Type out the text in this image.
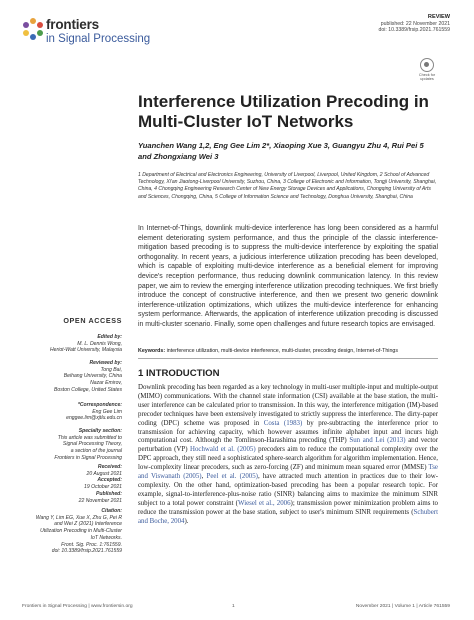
frontiers
in Signal Processing
REVIEW
published: 22 November 2021
doi: 10.3389/frsip.2021.761559
Check for updates
Interference Utilization Precoding in Multi-Cluster IoT Networks
Yuanchen Wang 1,2, Eng Gee Lim 2*, Xiaoping Xue 3, Guangyu Zhu 4, Rui Pei 5 and Zhongxiang Wei 3
1 Department of Electrical and Electronics Engineering, University of Liverpool, Liverpool, United Kingdom, 2 School of Advanced Technology, Xi'an Jiaotong-Liverpool University, Suzhou, China, 3 College of Electronic and Information, Tongji University, Shanghai, China, 4 Chongqing Engineering Research Center of New Energy Storage Devices and Applications, Chongqing University of Arts and Sciences, Chongqing, China, 5 College of Information Science and Technology, Donghua University, Shanghai, China

In Internet-of-Things, downlink multi-device interference has long been considered as a harmful element deteriorating system performance, and thus the principle of the classic interference-mitigation based precoding is to suppress the multi-device interference by exploiting the spatial orthogonality. In recent years, a judicious interference utilization precoding has been developed, which is capable of exploiting multi-device interference as a beneficial element for improving device's reception performance, thus reducing downlink communication latency. In this review paper, we aim to review the emerging interference utilization precoding techniques. We first briefly introduce the concept of constructive interference, and then we present two generic downlink interference-utilization optimizations, which utilizes the multi-device interference for enhancing system performance. Afterwards, the application of interference utilization precoding is discussed in multi-cluster scenario. Finally, some open challenges and future research topics are envisaged.

Keywords: interference utilization, multi-device interference, multi-cluster, precoding design, Internet-of-Things
1 INTRODUCTION

Downlink precoding has been regarded as a key technology in multi-user multiple-input and multiple-output (MIMO) communications. With the channel state information (CSI) available at the base station, the multi-user interference can be calculated prior to transmission. In this way, the interference mitigation (IM)-based precoder techniques have been extensively investigated to strictly suppress the interference. The dirty-paper coding (DPC) scheme was proposed in Costa (1983) by pre-subtracting the interference prior to transmission for achieving capacity, which however assumes infinite alphabet input and incurs high computational cost. Although the Tomlinson-Harashima precoding (THP) Sun and Lei (2013) and vector perturbation (VP) Hochwald et al. (2005) precoders aim to reduce the computational complexity over the DPC approach, they still need a sophisticated sphere-search algorithm for algorithm implementation. Hence, low-complexity linear precoders, such as zero-forcing (ZF) and minimum mean squared error (MMSE) Tse and Viswanath (2005), Peel et al. (2005), have attracted much attention in practices due to their low-complexity. On the other hand, optimization-based precoding has been a popular research topic. For example, signal-to-interference-plus-noise ratio (SINR) balancing aims to maximize the minimum SINR subject to a total power constraint (Wiesel et al., 2006); transmission power minimization problem aims to reduce the transmission power at the base station, subject to user's minimum SINR requirements (Schubert and Boche, 2004).

OPEN ACCESS
Edited by:
M. L. Dennis Wong,
Heriot-Watt University, Malaysia
Reviewed by:
Tong Bai,
Beihang University, China
Nazar Emirov,
Boston College, United States
*Correspondence:
Eng Gee Lim
enggee.lim@xjtlu.edu.cn
Specialty section:
This article was submitted to
Signal Processing Theory,
a section of the journal
Frontiers in Signal Processing
Received:
20 August 2021
Accepted:
19 October 2021
Published:
22 November 2021
Citation:
Wang Y, Lim EG, Xue X, Zhu G, Pei R
and Wei Z (2021) Interference
Utilization Precoding in Multi-Cluster
IoT Networks.
Front. Sig. Proc. 1:761559.
doi: 10.3389/frsip.2021.761559
Frontiers in Signal Processing | www.frontiersin.org	1	November 2021 | Volume 1 | Article 761559
